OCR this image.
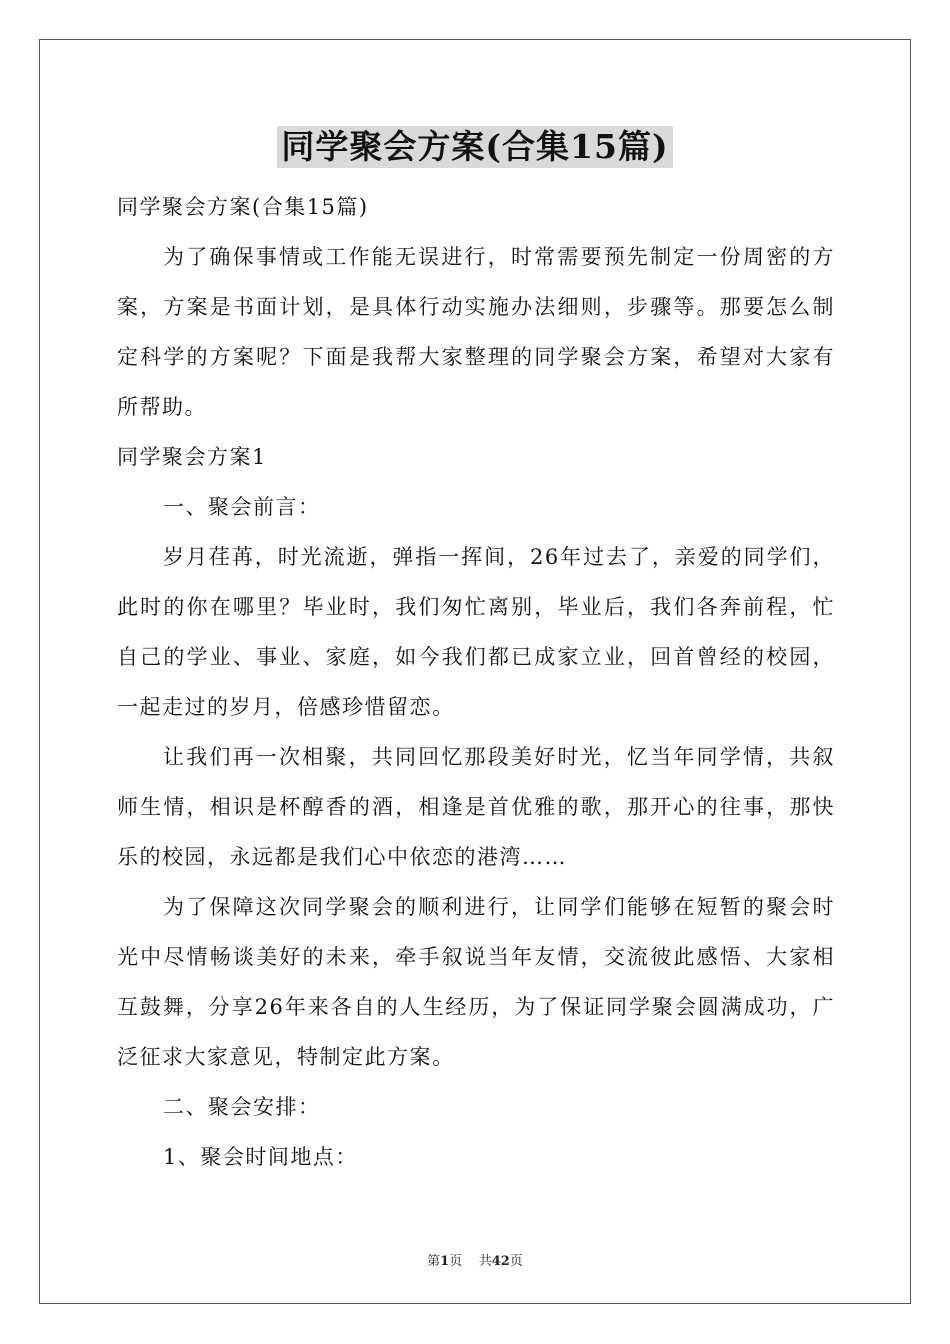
同学聚会方案(合集15篇)

同学聚会方案(合集15篇)

为了确保事情或工作能无误进行，时常需要预先制定一份周密的方案，方案是书面计划，是具体行动实施办法细则，步骤等。那要怎么制定科学的方案呢？下面是我帮大家整理的同学聚会方案，希望对大家有所帮助。

同学聚会方案1

一、聚会前言：

岁月荏苒，时光流逝，弹指一挥间，26年过去了，亲爱的同学们，此时的你在哪里？毕业时，我们匆忙离别，毕业后，我们各奔前程，忙自己的学业、事业、家庭，如今我们都已成家立业，回首曾经的校园，一起走过的岁月，倍感珍惜留恋。

让我们再一次相聚，共同回忆那段美好时光，忆当年同学情，共叙师生情，相识是杯醇香的酒，相逢是首优雅的歌，那开心的往事，那快乐的校园，永远都是我们心中依恋的港湾……

为了保障这次同学聚会的顺利进行，让同学们能够在短暂的聚会时光中尽情畅谈美好的未来，牵手叙说当年友情，交流彼此感悟、大家相互鼓舞，分享26年来各自的人生经历，为了保证同学聚会圆满成功，广泛征求大家意见，特制定此方案。

二、聚会安排：

1、聚会时间地点：

第1页 共42页
